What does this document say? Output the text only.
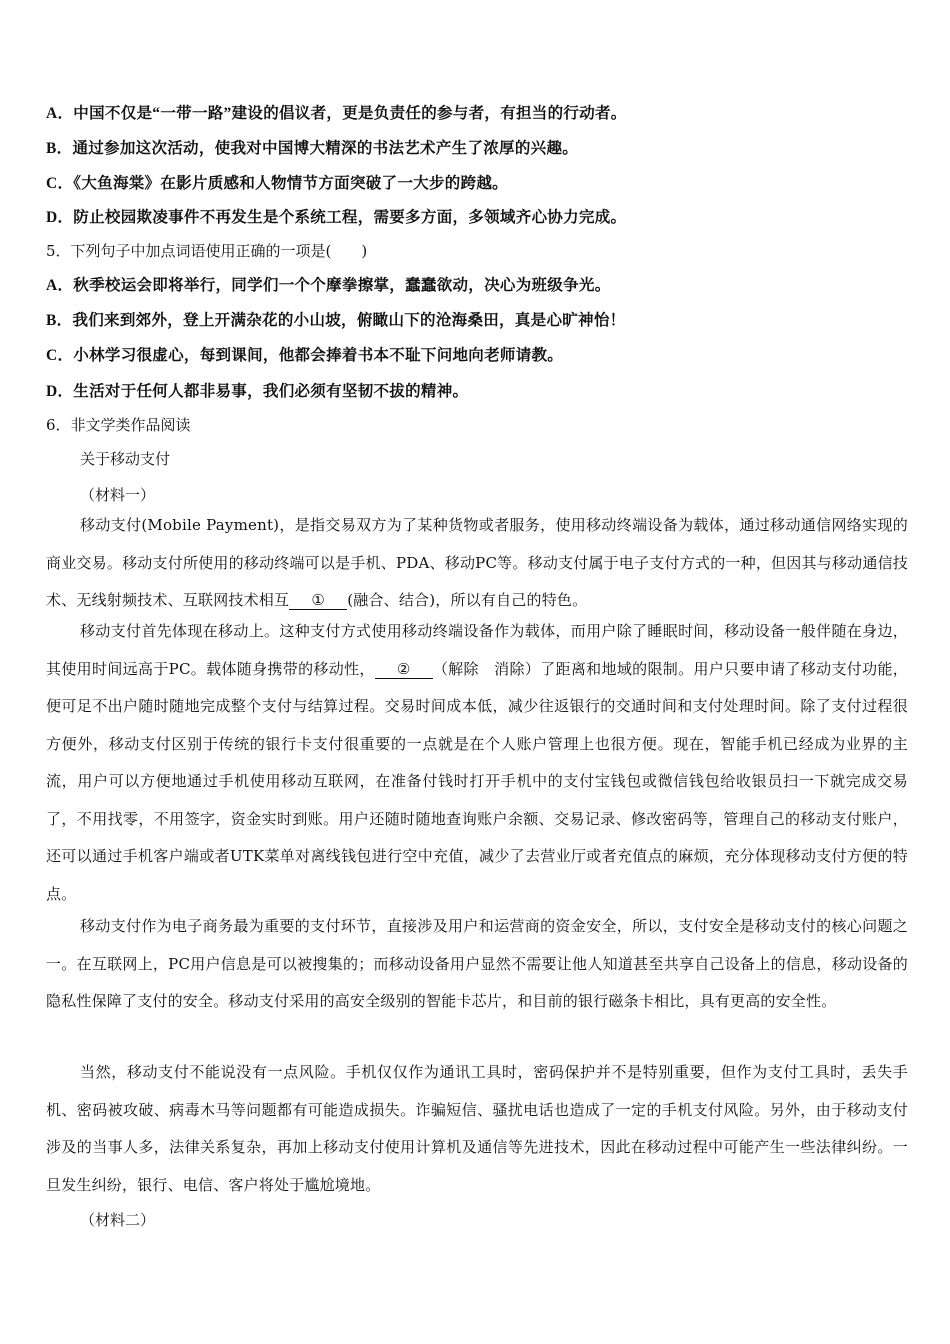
A．中国不仅是“一带一路”建设的倡议者，更是负责任的参与者，有担当的行动者。
B．通过参加这次活动，使我对中国博大精深的书法艺术产生了浓厚的兴趣。
C．《大鱼海棠》在影片质感和人物情节方面突破了一大步的跨越。
D．防止校园欺凌事件不再发生是个系统工程，需要多方面，多领域齐心协力完成。
5．下列句子中加点词语使用正确的一项是(　　)
A．秋季校运会即将举行，同学们一个个摩拳擦掌，蠢蠢欲动，决心为班级争光。
B．我们来到郊外，登上开满杂花的小山坡，俯瞰山下的沧海桑田，真是心旷神怡！
C．小林学习很虚心，每到课间，他都会捧着书本不耻下问地向老师请教。
D．生活对于任何人都非易事，我们必须有坚韧不拔的精神。
6．非文学类作品阅读
关于移动支付
（材料一）
移动支付(Mobile Payment)，是指交易双方为了某种货物或者服务，使用移动终端设备为载体，通过移动通信网络实现的商业交易。移动支付所使用的移动终端可以是手机、PDA、移动PC等。移动支付属于电子支付方式的一种，但因其与移动通信技术、无线射频技术、互联网技术相互 ① (融合、结合)，所以有自己的特色。
移动支付首先体现在移动上。这种支付方式使用移动终端设备作为载体，而用户除了睡眠时间，移动设备一般伴随在身边，其使用时间远高于PC。载体随身携带的移动性， ② （解除　消除）了距离和地域的限制。用户只要申请了移动支付功能，便可足不出户随时随地完成整个支付与结算过程。交易时间成本低，减少往返银行的交通时间和支付处理时间。除了支付过程很方便外，移动支付区别于传统的银行卡支付很重要的一点就是在个人账户管理上也很方便。现在，智能手机已经成为业界的主流，用户可以方便地通过手机使用移动互联网，在准备付钱时打开手机中的支付宝钱包或微信钱包给收银员扫一下就完成交易了，不用找零，不用签字，资金实时到账。用户还随时随地查询账户余额、交易记录、修改密码等，管理自己的移动支付账户，还可以通过手机客户端或者UTK菜单对离线钱包进行空中充值，减少了去营业厅或者充值点的麻烦，充分体现移动支付方便的特点。
移动支付作为电子商务最为重要的支付环节，直接涉及用户和运营商的资金安全，所以，支付安全是移动支付的核心问题之一。在互联网上，PC用户信息是可以被搜集的；而移动设备用户显然不需要让他人知道甚至共享自己设备上的信息，移动设备的隐私性保障了支付的安全。移动支付采用的高安全级别的智能卡芯片，和目前的银行磁条卡相比，具有更高的安全性。
当然，移动支付不能说没有一点风险。手机仅仅作为通讯工具时，密码保护并不是特别重要，但作为支付工具时，丢失手机、密码被攻破、病毒木马等问题都有可能造成损失。诈骗短信、骚扰电话也造成了一定的手机支付风险。另外，由于移动支付涉及的当事人多，法律关系复杂，再加上移动支付使用计算机及通信等先进技术，因此在移动过程中可能产生一些法律纠纷。一旦发生纠纷，银行、电信、客户将处于尴尬境地。
（材料二）
